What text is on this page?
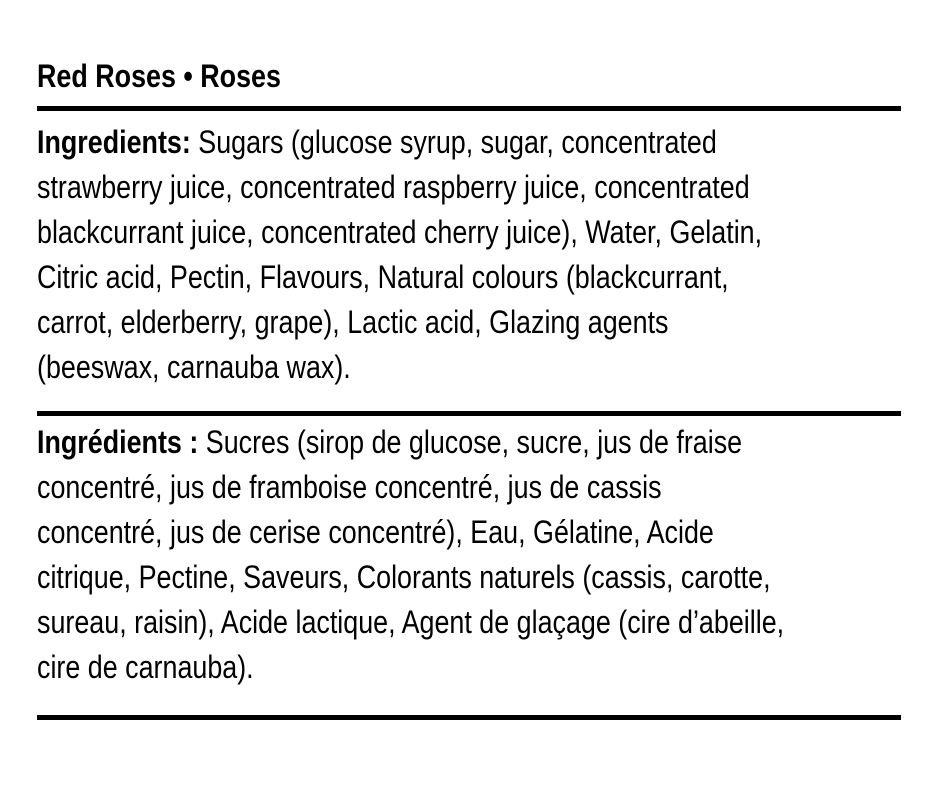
Red Roses • Roses
Ingredients: Sugars (glucose syrup, sugar, concentrated
strawberry juice, concentrated raspberry juice, concentrated
blackcurrant juice, concentrated cherry juice), Water, Gelatin,
Citric acid, Pectin, Flavours, Natural colours (blackcurrant,
carrot, elderberry, grape), Lactic acid, Glazing agents
(beeswax, carnauba wax).
Ingrédients : Sucres (sirop de glucose, sucre, jus de fraise
concentré, jus de framboise concentré, jus de cassis
concentré, jus de cerise concentré), Eau, Gélatine, Acide
citrique, Pectine, Saveurs, Colorants naturels (cassis, carotte,
sureau, raisin), Acide lactique, Agent de glaçage (cire d’abeille,
cire de carnauba).
